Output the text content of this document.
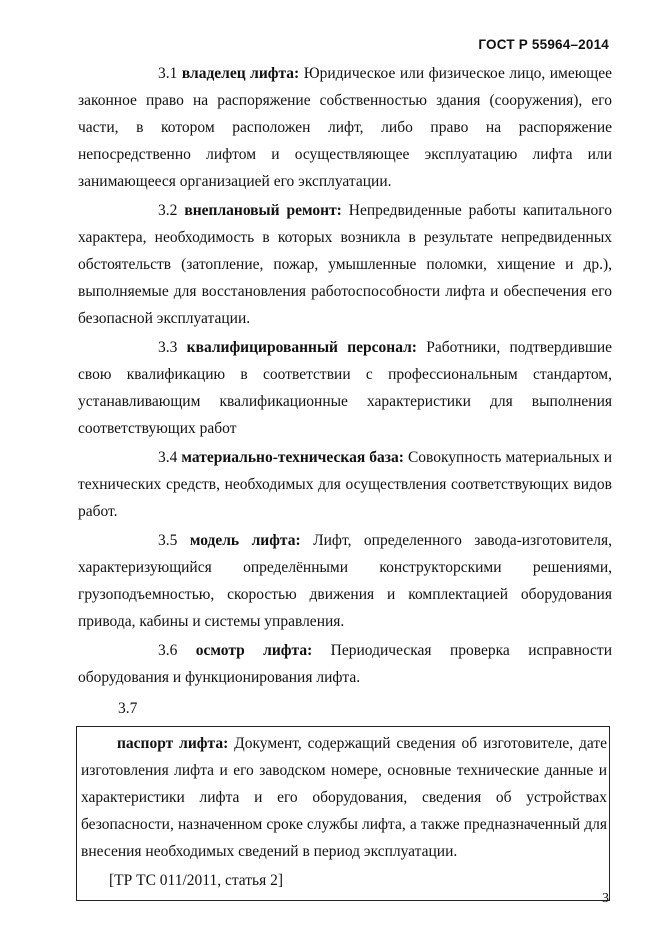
ГОСТ Р 55964–2014

3.1 владелец лифта: Юридическое или физическое лицо, имеющее законное право на распоряжение собственностью здания (сооружения), его части, в котором расположен лифт, либо право на распоряжение непосредственно лифтом и осуществляющее эксплуатацию лифта или занимающееся организацией его эксплуатации.

3.2 внеплановый ремонт: Непредвиденные работы капитального характера, необходимость в которых возникла в результате непредвиденных обстоятельств (затопление, пожар, умышленные поломки, хищение и др.), выполняемые для восстановления работоспособности лифта и обеспечения его безопасной эксплуатации.

3.3 квалифицированный персонал: Работники, подтвердившие свою квалификацию в соответствии с профессиональным стандартом, устанавливающим квалификационные характеристики для выполнения соответствующих работ

3.4 материально-техническая база: Совокупность материальных и технических средств, необходимых для осуществления соответствующих видов работ.

3.5 модель лифта: Лифт, определенного завода-изготовителя, характеризующийся определёнными конструкторскими решениями, грузоподъемностью, скоростью движения и комплектацией оборудования привода, кабины и системы управления.

3.6 осмотр лифта: Периодическая проверка исправности оборудования и функционирования лифта.

3.7

паспорт лифта: Документ, содержащий сведения об изготовителе, дате изготовления лифта и его заводском номере, основные технические данные и характеристики лифта и его оборудования, сведения об устройствах безопасности, назначенном сроке службы лифта, а также предназначенный для внесения необходимых сведений в период эксплуатации.

[ТР ТС 011/2011, статья 2]
3
